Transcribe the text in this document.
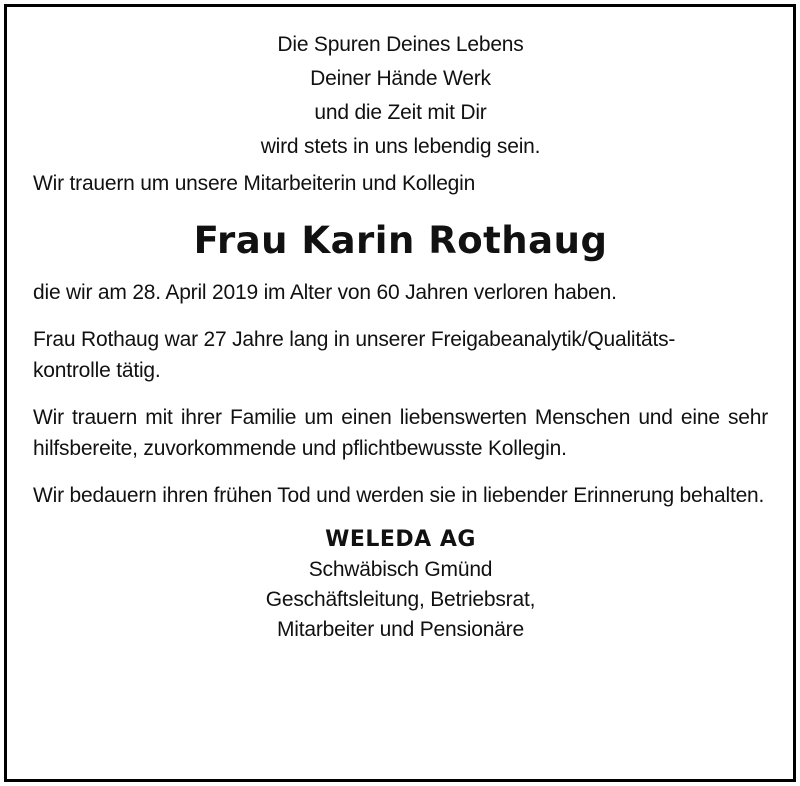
Die Spuren Deines Lebens
Deiner Hände Werk
und die Zeit mit Dir
wird stets in uns lebendig sein.
Wir trauern um unsere Mitarbeiterin und Kollegin
Frau Karin Rothaug
die wir am 28. April 2019 im Alter von 60 Jahren verloren haben.
Frau Rothaug war 27 Jahre lang in unserer Freigabeanalytik/Qualitäts-
kontrolle tätig.
Wir trauern mit ihrer Familie um einen liebenswerten Menschen und eine sehr hilfsbereite, zuvorkommende und pflichtbewusste Kollegin.
Wir bedauern ihren frühen Tod und werden sie in liebender Erinnerung behalten.
WELEDA AG
Schwäbisch Gmünd
Geschäftsleitung, Betriebsrat,
Mitarbeiter und Pensionäre
